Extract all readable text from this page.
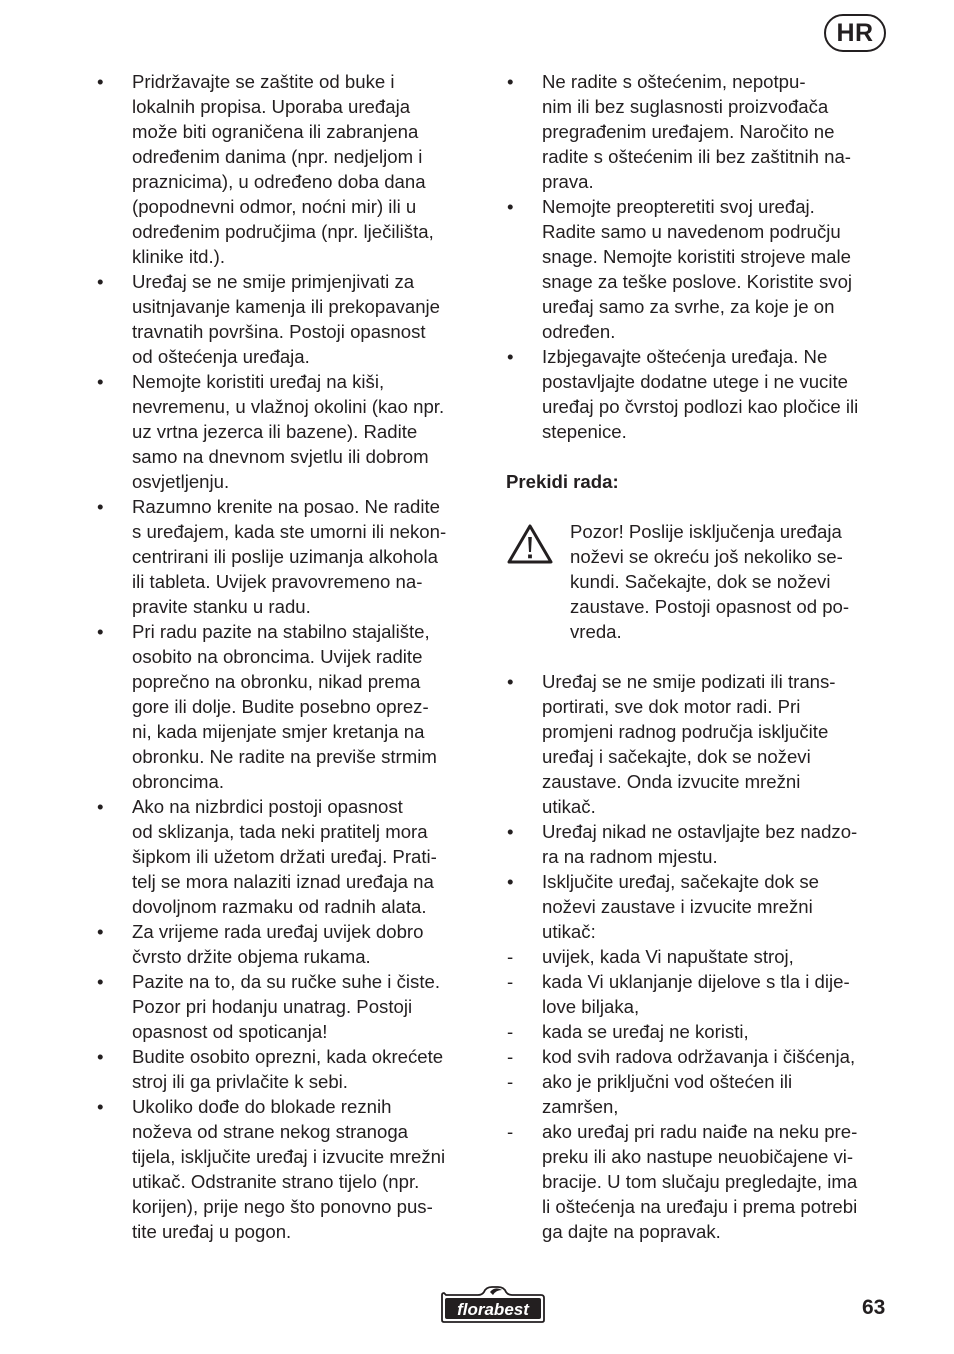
HR
• Pridržavajte se zaštite od buke i
lokalnih propisa. Uporaba uređaja
može biti ograničena ili zabranjena
određenim danima (npr. nedjeljom i
praznicima), u određeno doba dana
(popodnevni odmor, noćni mir) ili u
određenim područjima (npr. lječilišta,
klinike itd.).
• Uređaj se ne smije primjenjivati za
usitnjavanje kamenja ili prekopavanje
travnatih površina. Postoji opasnost
od oštećenja uređaja.
• Nemojte koristiti uređaj na kiši,
nevremenu, u vlažnoj okolini (kao npr.
uz vrtna jezerca ili bazene). Radite
samo na dnevnom svjetlu ili dobrom
osvjetljenju.
• Razumno krenite na posao. Ne radite
s uređajem, kada ste umorni ili nekon-
centrirani ili poslije uzimanja alkohola
ili tableta. Uvijek pravovremeno na-
pravite stanku u radu.
• Pri radu pazite na stabilno stajalište,
osobito na obroncima. Uvijek radite
poprečno na obronku, nikad prema
gore ili dolje. Budite posebno oprez-
ni, kada mijenjate smjer kretanja na
obronku. Ne radite na previše strmim
obroncima.
• Ako na nizbrdici postoji opasnost
od sklizanja, tada neki pratitelj mora
šipkom ili užetom držati uređaj. Prati-
telj se mora nalaziti iznad uređaja na
dovoljnom razmaku od radnih alata.
• Za vrijeme rada uređaj uvijek dobro
čvrsto držite objema rukama.
• Pazite na to, da su ručke suhe i čiste.
Pozor pri hodanju unatrag. Postoji
opasnost od spoticanja!
• Budite osobito oprezni, kada okrećete
stroj ili ga privlačite k sebi.
• Ukoliko dođe do blokade reznih
noževa od strane nekog stranoga
tijela, isključite uređaj i izvucite mrežni
utikač. Odstranite strano tijelo (npr.
korijen), prije nego što ponovno pus-
tite uređaj u pogon.
• Ne radite s oštećenim, nepotpu-
nim ili bez suglasnosti proizvođača
pregrađenim uređajem. Naročito ne
radite s oštećenim ili bez zaštitnih na-
prava.
• Nemojte preopteretiti svoj uređaj.
Radite samo u navedenom području
snage. Nemojte koristiti strojeve male
snage za teške poslove. Koristite svoj
uređaj samo za svrhe, za koje je on
određen.
• Izbjegavajte oštećenja uređaja. Ne
postavljajte dodatne utege i ne vucite
uređaj po čvrstoj podlozi kao pločice ili
stepenice.
Prekidi rada:
Pozor! Poslije isključenja uređaja
noževi se okreću još nekoliko se-
kundi. Sačekajte, dok se noževi
zaustave. Postoji opasnost od po-
vreda.
• Uređaj se ne smije podizati ili trans-
portirati, sve dok motor radi. Pri
promjeni radnog područja isključite
uređaj i sačekajte, dok se noževi
zaustave. Onda izvucite mrežni
utikač.
• Uređaj nikad ne ostavljajte bez nadzo-
ra na radnom mjestu.
• Isključite uređaj, sačekajte dok se
noževi zaustave i izvucite mrežni
utikač:
- uvijek, kada Vi napuštate stroj,
- kada Vi uklanjanje dijelove s tla i dije-
love biljaka,
- kada se uređaj ne koristi,
- kod svih radova održavanja i čišćenja,
- ako je priključni vod oštećen ili
zamršen,
- ako uređaj pri radu naiđe na neku pre-
preku ili ako nastupe neuobičajene vi-
bracije. U tom slučaju pregledajte, ima
li oštećenja na uređaju i prema potrebi
ga dajte na popravak.
florabest	63
